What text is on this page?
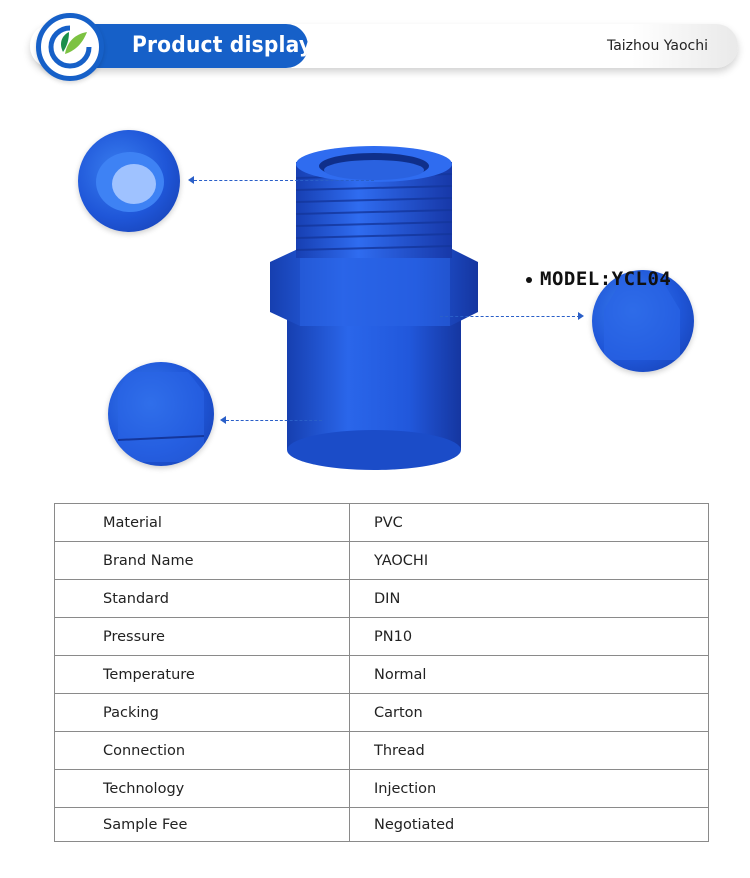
Product display	Taizhou Yaochi
MODEL:YCL04
Material	PVC
Brand Name	YAOCHI
Standard	DIN
Pressure	PN10
Temperature	Normal
Packing	Carton
Connection	Thread
Technology	Injection
Sample Fee	Negotiated
